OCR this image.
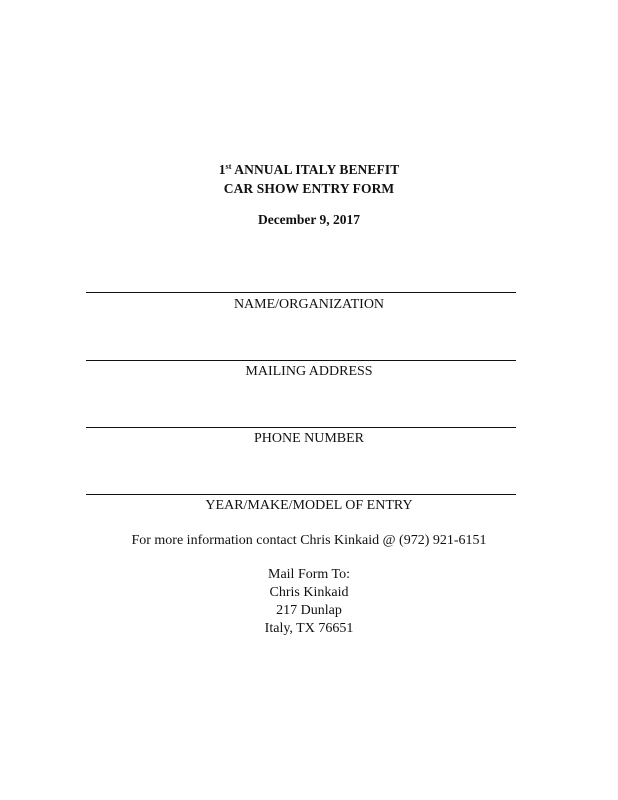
1st ANNUAL ITALY BENEFIT
CAR SHOW ENTRY FORM
December 9, 2017
NAME/ORGANIZATION
MAILING ADDRESS
PHONE NUMBER
YEAR/MAKE/MODEL OF ENTRY
For more information contact Chris Kinkaid @ (972) 921-6151
Mail Form To:
Chris Kinkaid
217 Dunlap
Italy, TX 76651
